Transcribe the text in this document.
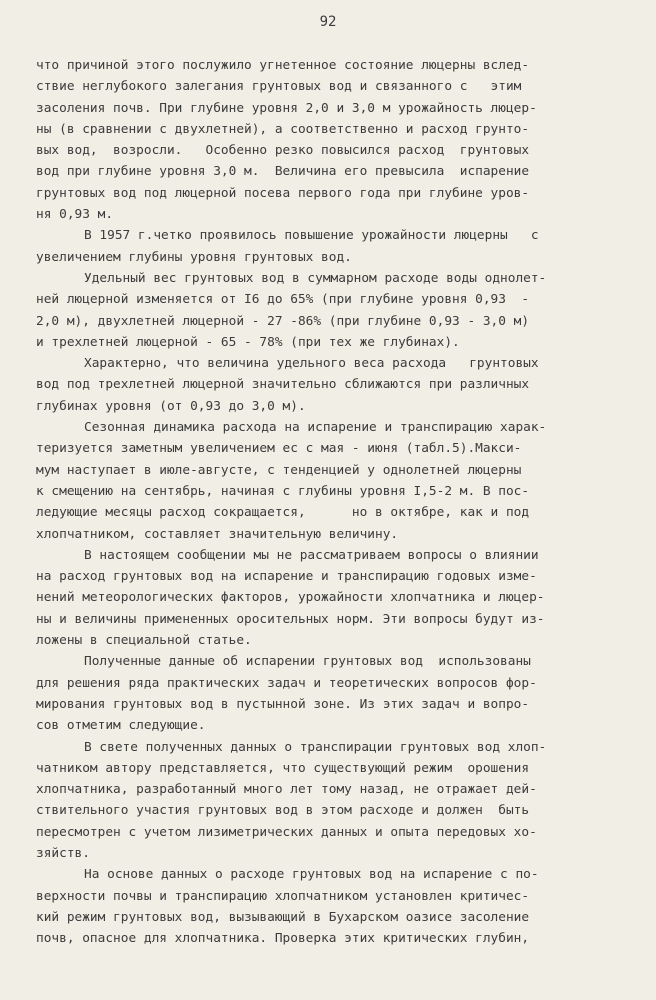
92
что причиной этого послужило угнетенное состояние люцерны вслед-
ствие неглубокого залегания грунтовых вод и связанного с   этим
засоления почв. При глубине уровня 2,0 и 3,0 м урожайность люцер-
ны (в сравнении с двухлетней), а соответственно и расход грунто-
вых вод,  возросли.   Особенно резко повысился расход  грунтовых
вод при глубине уровня 3,0 м.  Величина его превысила  испарение
грунтовых вод под люцерной посева первого года при глубине уров-
ня 0,93 м.
В 1957 г.четко проявилось повышение урожайности люцерны   с
увеличением глубины уровня грунтовых вод.
Удельный вес грунтовых вод в суммарном расходе воды однолет-
ней люцерной изменяется от I6 до 65% (при глубине уровня 0,93  -
2,0 м), двухлетней люцерной - 27 -86% (при глубине 0,93 - 3,0 м)
и трехлетней люцерной - 65 - 78% (при тех же глубинах).
Характерно, что величина удельного веса расхода   грунтовых
вод под трехлетней люцерной значительно сближаются при различных
глубинах уровня (от 0,93 до 3,0 м).
Сезонная динамика расхода на испарение и транспирацию харак-
теризуется заметным увеличением ес с мая - июня (табл.5).Макси-
мум наступает в июле-августе, с тенденцией у однолетней люцерны
к смещению на сентябрь, начиная с глубины уровня I,5-2 м. В пос-
ледующие месяцы расход сокращается,      но в октябре, как и под
хлопчатником, составляет значительную величину.
В настоящем сообщении мы не рассматриваем вопросы о влиянии
на расход грунтовых вод на испарение и транспирацию годовых изме-
нений метеорологических факторов, урожайности хлопчатника и люцер-
ны и величины примененных оросительных норм. Эти вопросы будут из-
ложены в специальной статье.
Полученные данные об испарении грунтовых вод  использованы
для решения ряда практических задач и теоретических вопросов фор-
мирования грунтовых вод в пустынной зоне. Из этих задач и вопро-
сов отметим следующие.
В свете полученных данных о транспирации грунтовых вод хлоп-
чатником автору представляется, что существующий режим  орошения
хлопчатника, разработанный много лет тому назад, не отражает дей-
ствительного участия грунтовых вод в этом расходе и должен  быть
пересмотрен с учетом лизиметрических данных и опыта передовых хо-
зяйств.
На основе данных о расходе грунтовых вод на испарение с по-
верхности почвы и транспирацию хлопчатником установлен критичес-
кий режим грунтовых вод, вызывающий в Бухарском оазисе засоление
почв, опасное для хлопчатника. Проверка этих критических глубин,
